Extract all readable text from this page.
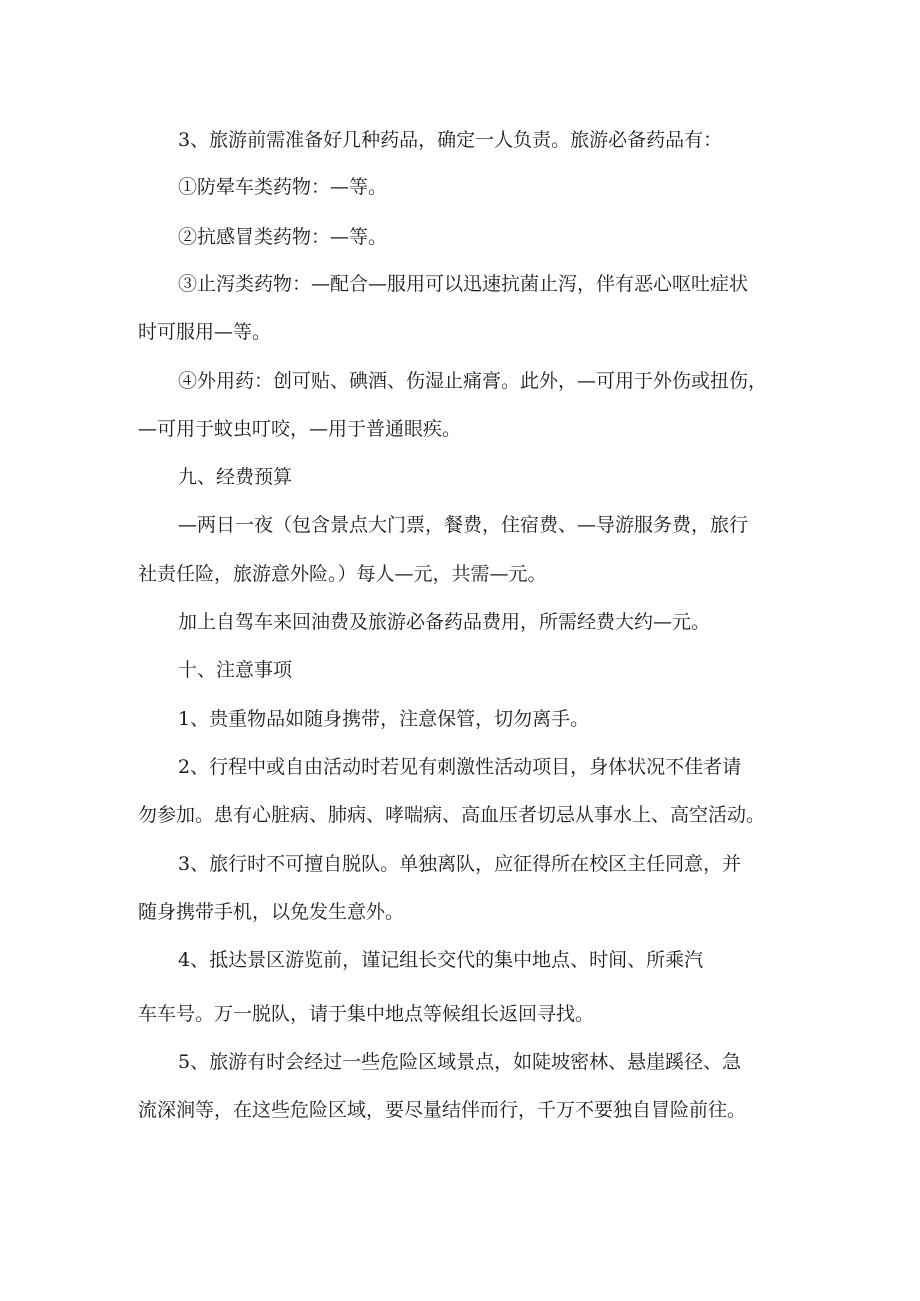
3、旅游前需准备好几种药品，确定一人负责。旅游必备药品有：
①防晕车类药物：—等。
②抗感冒类药物：—等。
③止泻类药物：—配合—服用可以迅速抗菌止泻，伴有恶心呕吐症状
时可服用—等。
④外用药：创可贴、碘酒、伤湿止痛膏。此外，—可用于外伤或扭伤，
—可用于蚊虫叮咬，—用于普通眼疾。
九、经费预算
—两日一夜（包含景点大门票，餐费，住宿费、—导游服务费，旅行
社责任险，旅游意外险。）每人—元，共需—元。
加上自驾车来回油费及旅游必备药品费用，所需经费大约—元。
十、注意事项
1、贵重物品如随身携带，注意保管，切勿离手。
2、行程中或自由活动时若见有刺激性活动项目，身体状况不佳者请
勿参加。患有心脏病、肺病、哮喘病、高血压者切忌从事水上、高空活动。
3、旅行时不可擅自脱队。单独离队，应征得所在校区主任同意，并
随身携带手机，以免发生意外。
4、抵达景区游览前，谨记组长交代的集中地点、时间、所乘汽
车车号。万一脱队，请于集中地点等候组长返回寻找。
5、旅游有时会经过一些危险区域景点，如陡坡密林、悬崖蹊径、急
流深涧等，在这些危险区域，要尽量结伴而行，千万不要独自冒险前往。
